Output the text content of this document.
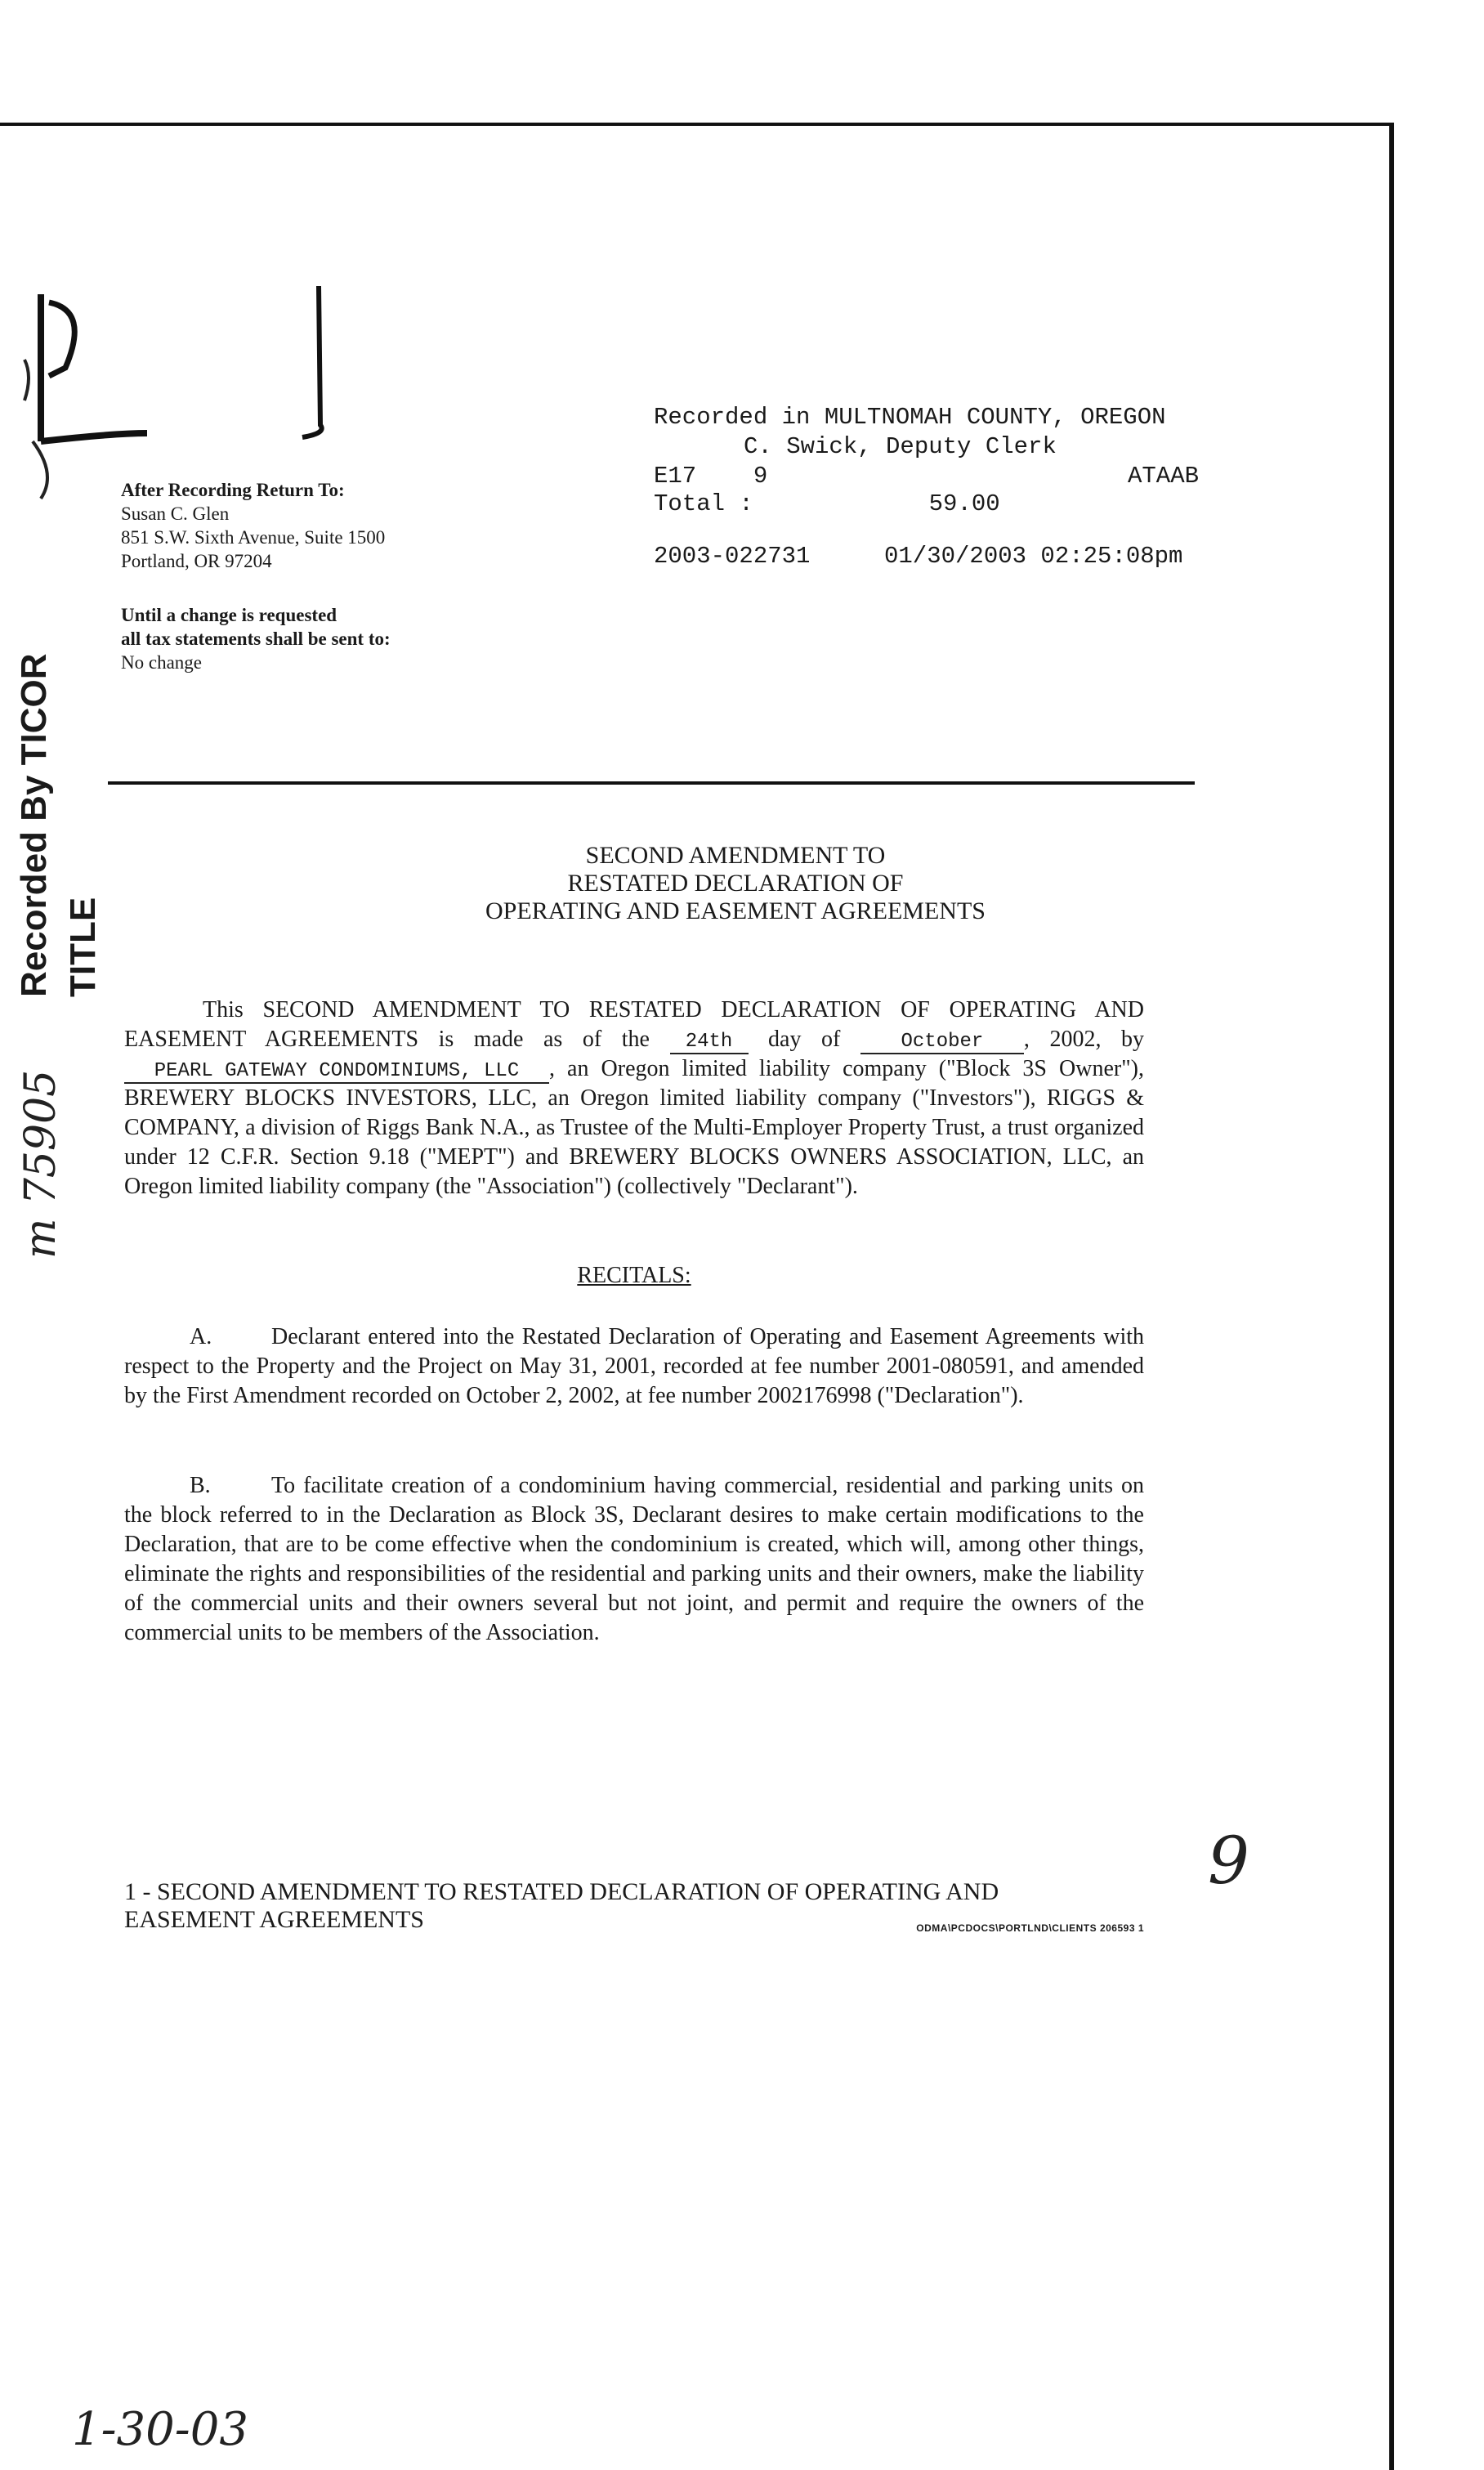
Recorded By TICOR TITLE
m 75905
After Recording Return To:
Susan C. Glen
851 S.W. Sixth Avenue, Suite 1500
Portland, OR 97204
Until a change is requested
all tax statements shall be sent to:
No change
Recorded in MULTNOMAH COUNTY, OREGON
C. Swick, Deputy Clerk
E17    9	ATAAB
Total :	59.00
2003-022731	01/30/2003 02:25:08pm
SECOND AMENDMENT TO
RESTATED DECLARATION OF
OPERATING AND EASEMENT AGREEMENTS
This SECOND AMENDMENT TO RESTATED DECLARATION OF OPERATING AND EASEMENT AGREEMENTS is made as of the 24th day of	October , 2002, by PEARL GATEWAY CONDOMINIUMS, LLC , an Oregon limited liability company ("Block 3S Owner"), BREWERY BLOCKS INVESTORS, LLC, an Oregon limited liability company ("Investors"), RIGGS & COMPANY, a division of Riggs Bank N.A., as Trustee of the Multi-Employer Property Trust, a trust organized under 12 C.F.R. Section 9.18 ("MEPT") and BREWERY BLOCKS OWNERS ASSOCIATION, LLC, an Oregon limited liability company (the "Association") (collectively "Declarant").
RECITALS:
A.	Declarant entered into the Restated Declaration of Operating and Easement Agreements with respect to the Property and the Project on May 31, 2001, recorded at fee number 2001-080591, and amended by the First Amendment recorded on October 2, 2002, at fee number 2002176998 ("Declaration").
B.	To facilitate creation of a condominium having commercial, residential and parking units on the block referred to in the Declaration as Block 3S, Declarant desires to make certain modifications to the Declaration, that are to be come effective when the condominium is created, which will, among other things, eliminate the rights and responsibilities of the residential and parking units and their owners, make the liability of the commercial units and their owners several but not joint, and permit and require the owners of the commercial units to be members of the Association.
1 - SECOND AMENDMENT TO RESTATED DECLARATION OF OPERATING AND
EASEMENT AGREEMENTS	ODMA\PCDOCS\PORTLND\CLIENTS 206593 1
9
1-30-03
